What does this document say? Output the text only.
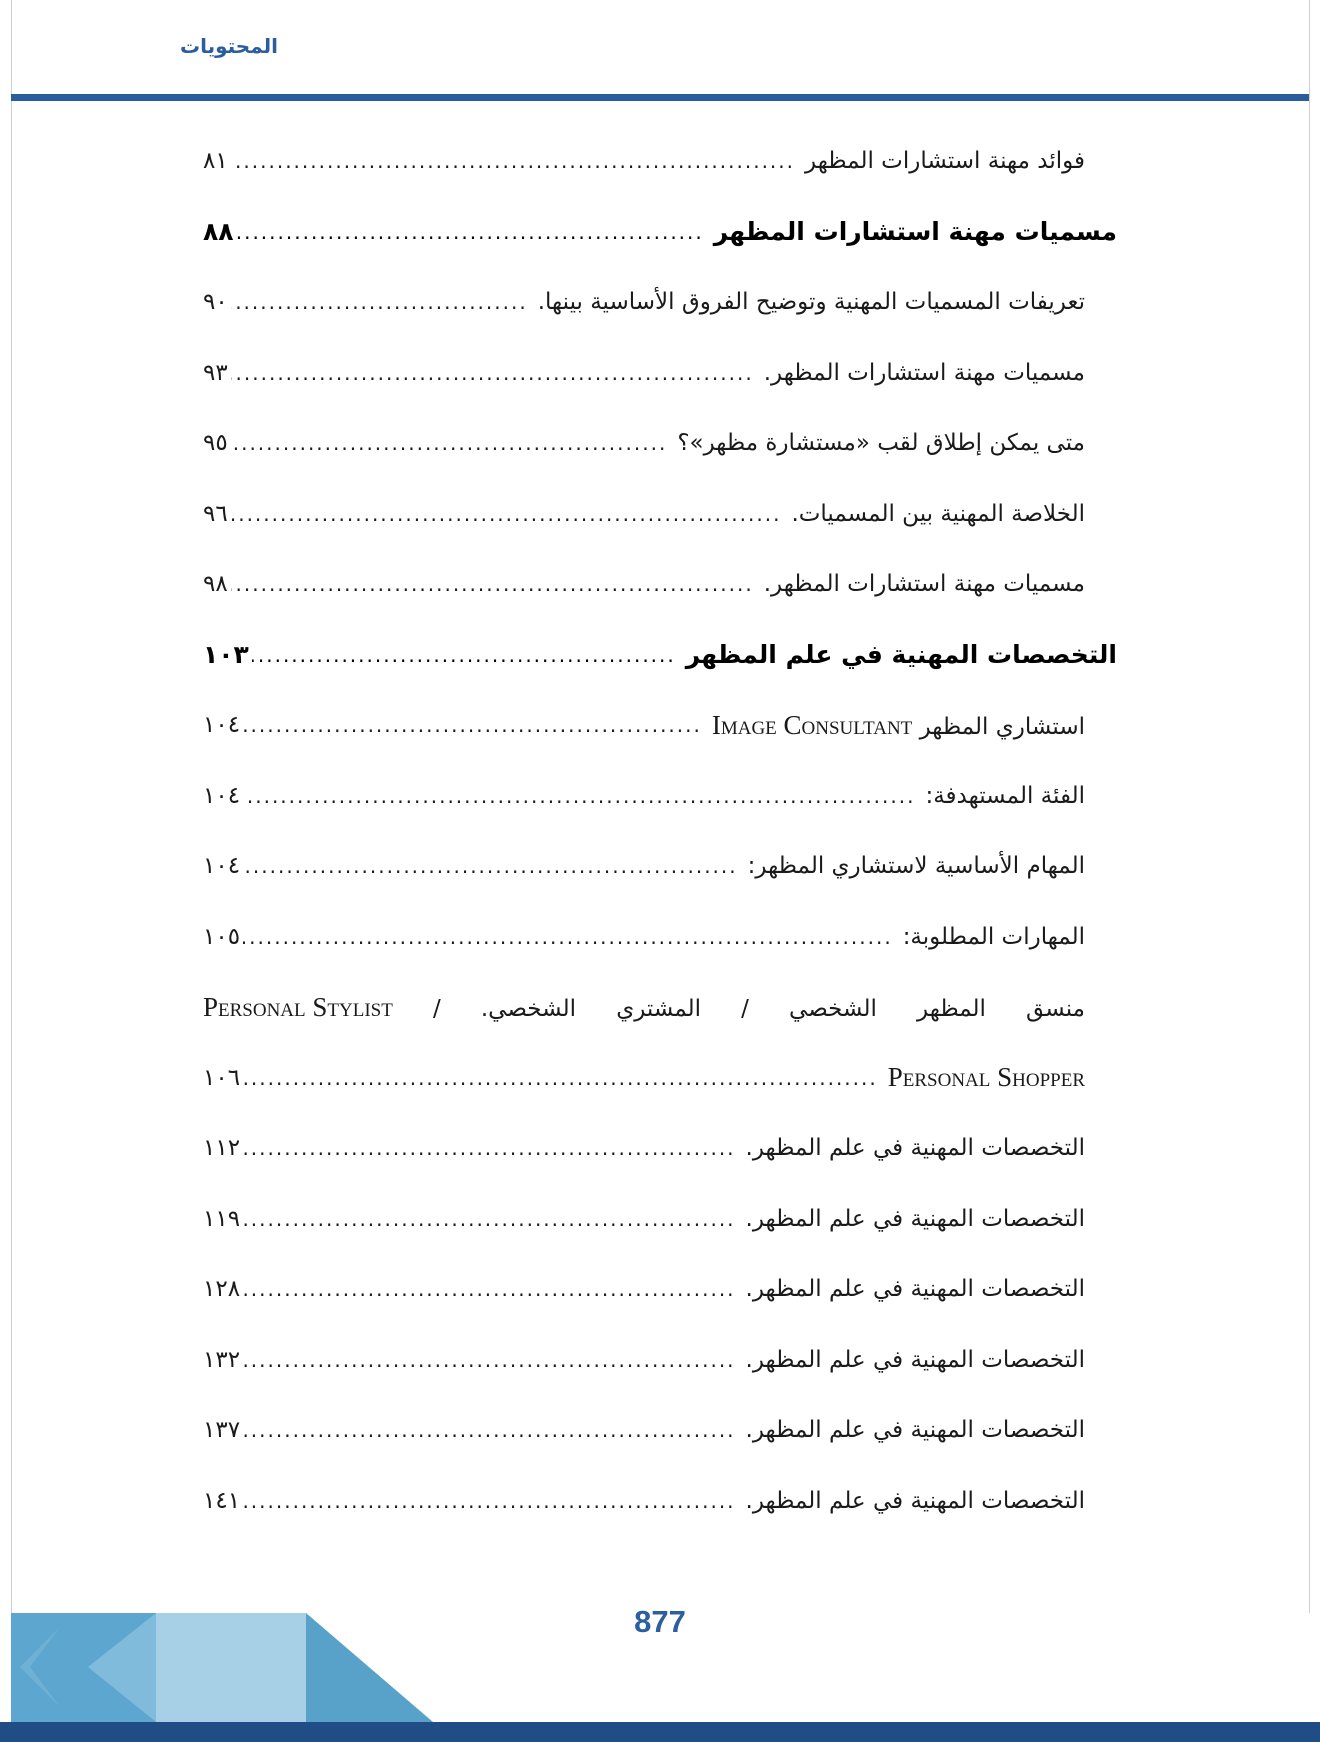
المحتويات
فوائد مهنة استشارات المظهر
.....
٨١
مسميات مهنة استشارات المظهر
.....
٨٨
تعريفات المسميات المهنية وتوضيح الفروق الأساسية بينها.
.....
٩٠
مسميات مهنة استشارات المظهر.
.....
٩٣
متى يمكن إطلاق لقب «مستشارة مظهر»؟
.....
٩٥
الخلاصة المهنية بين المسميات.
.....
٩٦
مسميات مهنة استشارات المظهر.
.....
٩٨
التخصصات المهنية في علم المظهر
.....
١٠٣
استشاري المظهر Image Consultant
.....
١٠٤
الفئة المستهدفة:
.....
١٠٤
المهام الأساسية لاستشاري المظهر:
.....
١٠٤
المهارات المطلوبة:
.....
١٠٥
منسق المظهر الشخصي / المشتري الشخصي. / Personal Stylist
Personal Shopper
.....
١٠٦
التخصصات المهنية في علم المظهر.
.....
١١٢
التخصصات المهنية في علم المظهر.
.....
١١٩
التخصصات المهنية في علم المظهر.
.....
١٢٨
التخصصات المهنية في علم المظهر.
.....
١٣٢
التخصصات المهنية في علم المظهر.
.....
١٣٧
التخصصات المهنية في علم المظهر.
.....
١٤١
877
